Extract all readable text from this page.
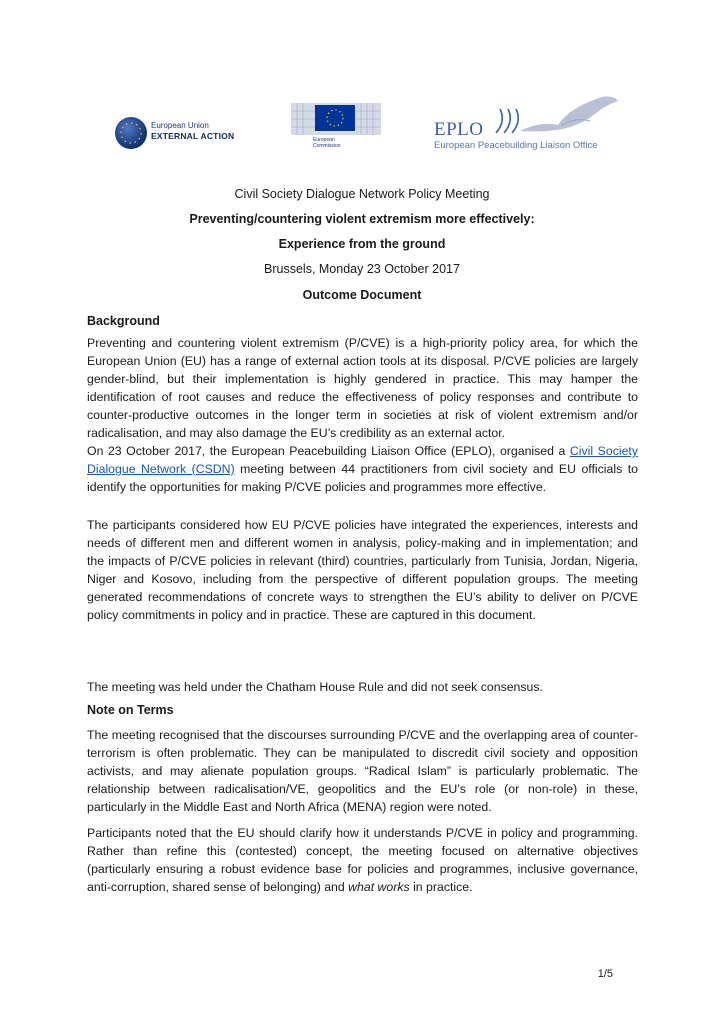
European Union
EXTERNAL ACTION	European
Commission
EPLO
European Peacebuilding Liaison Office
Civil Society Dialogue Network Policy Meeting
Preventing/countering violent extremism more effectively:
Experience from the ground
Brussels, Monday 23 October 2017
Outcome Document
Background

Preventing and countering violent extremism (P/CVE) is a high-priority policy area, for which the European Union (EU) has a range of external action tools at its disposal. P/CVE policies are largely gender-blind, but their implementation is highly gendered in practice. This may hamper the identification of root causes and reduce the effectiveness of policy responses and contribute to counter-productive outcomes in the longer term in societies at risk of violent extremism and/or radicalisation, and may also damage the EU’s credibility as an external actor.

On 23 October 2017, the European Peacebuilding Liaison Office (EPLO), organised a Civil Society Dialogue Network (CSDN) meeting between 44 practitioners from civil society and EU officials to identify the opportunities for making P/CVE policies and programmes more effective.

The participants considered how EU P/CVE policies have integrated the experiences, interests and needs of different men and different women in analysis, policy-making and in implementation; and the impacts of P/CVE policies in relevant (third) countries, particularly from Tunisia, Jordan, Nigeria, Niger and Kosovo, including from the perspective of different population groups. The meeting generated recommendations of concrete ways to strengthen the EU’s ability to deliver on P/CVE policy commitments in policy and in practice. These are captured in this document.

The meeting was held under the Chatham House Rule and did not seek consensus.

Note on Terms

The meeting recognised that the discourses surrounding P/CVE and the overlapping area of counter-terrorism is often problematic. They can be manipulated to discredit civil society and opposition activists, and may alienate population groups. “Radical Islam” is particularly problematic. The relationship between radicalisation/VE, geopolitics and the EU’s role (or non-role) in these, particularly in the Middle East and North Africa (MENA) region were noted.

Participants noted that the EU should clarify how it understands P/CVE in policy and programming. Rather than refine this (contested) concept, the meeting focused on alternative objectives (particularly ensuring a robust evidence base for policies and programmes, inclusive governance, anti-corruption, shared sense of belonging) and what works in practice.

1/5
